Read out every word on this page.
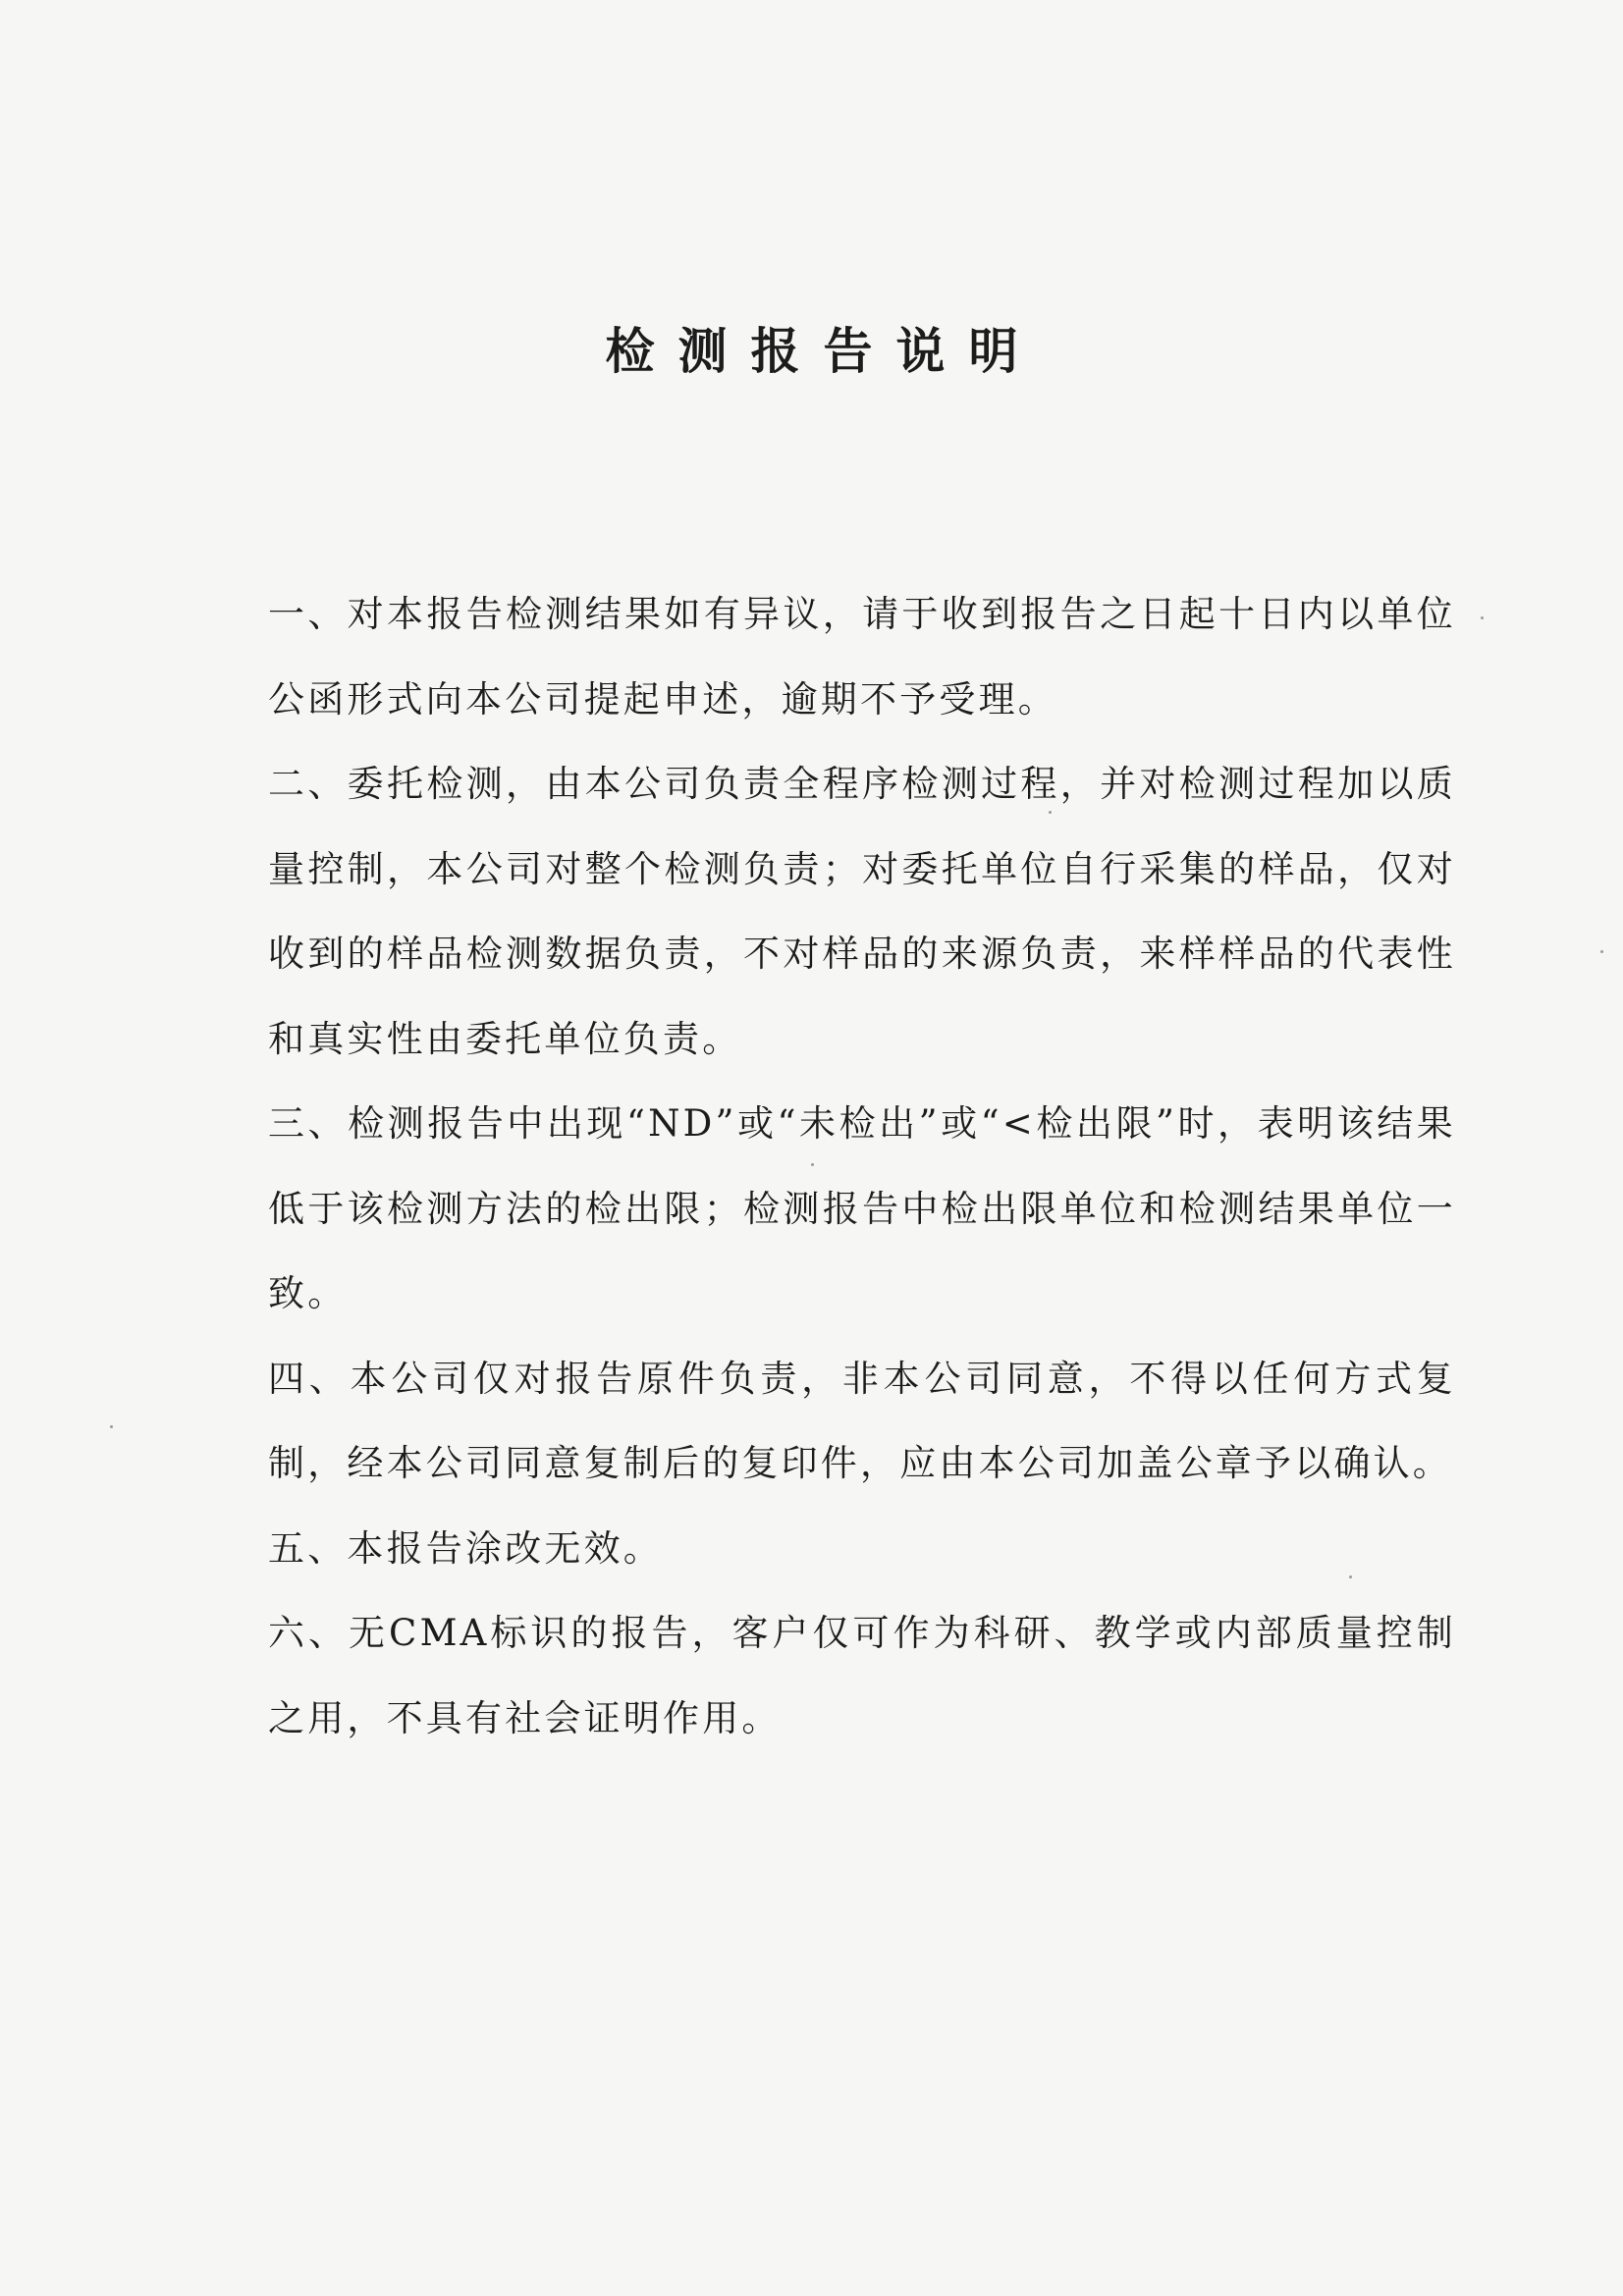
检测报告说明

一、对本报告检测结果如有异议，请于收到报告之日起十日内以单位公函形式向本公司提起申述，逾期不予受理。

二、委托检测，由本公司负责全程序检测过程，并对检测过程加以质量控制，本公司对整个检测负责；对委托单位自行采集的样品，仅对收到的样品检测数据负责，不对样品的来源负责，来样样品的代表性和真实性由委托单位负责。

三、检测报告中出现“ND”或“未检出”或“<检出限”时，表明该结果低于该检测方法的检出限；检测报告中检出限单位和检测结果单位一致。

四、本公司仅对报告原件负责，非本公司同意，不得以任何方式复制，经本公司同意复制后的复印件，应由本公司加盖公章予以确认。

五、本报告涂改无效。

六、无CMA标识的报告，客户仅可作为科研、教学或内部质量控制之用，不具有社会证明作用。
